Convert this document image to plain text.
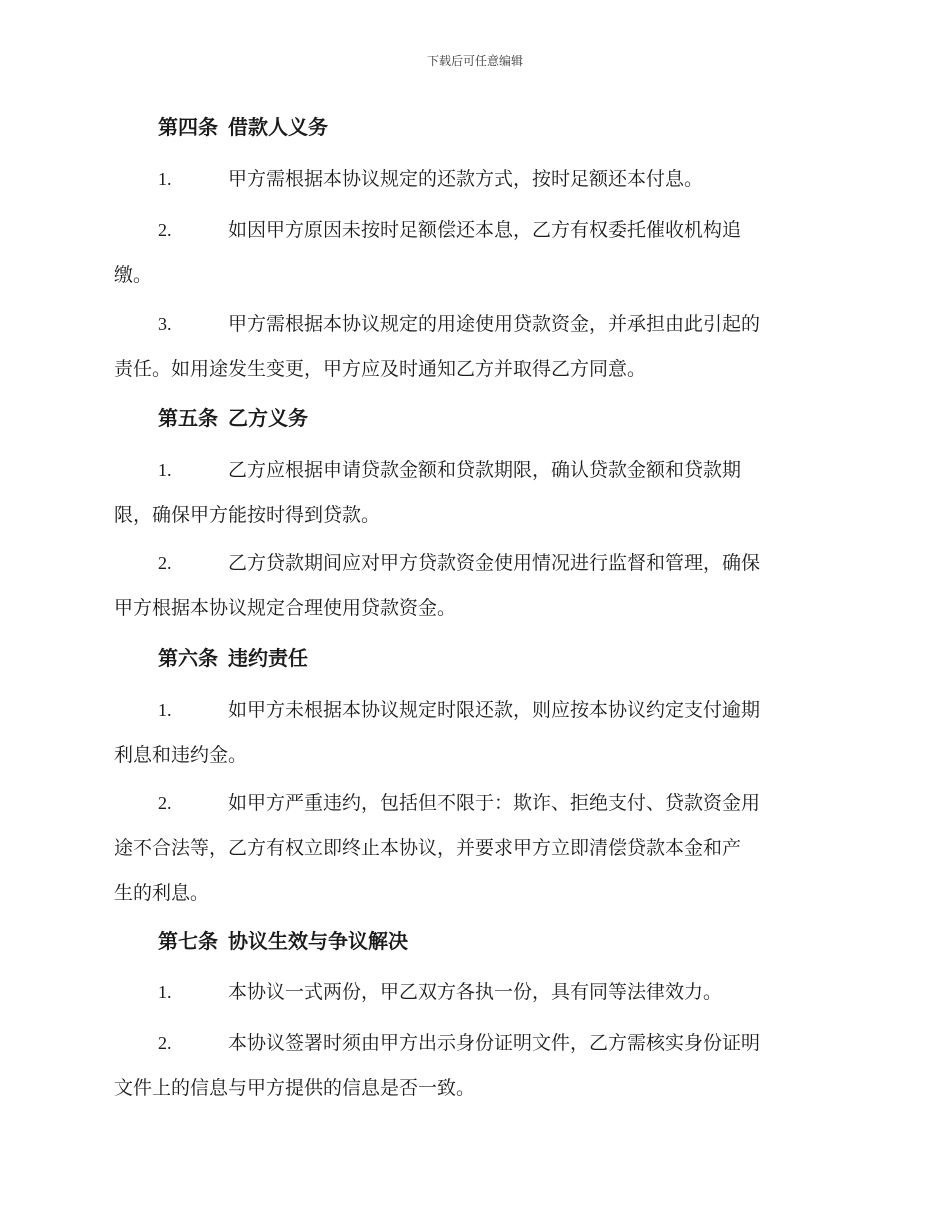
下载后可任意编辑
第四条 借款人义务
1.	甲方需根据本协议规定的还款方式，按时足额还本付息。
2.	如因甲方原因未按时足额偿还本息，乙方有权委托催收机构追
缴。
3.	甲方需根据本协议规定的用途使用贷款资金，并承担由此引起的
责任。如用途发生变更，甲方应及时通知乙方并取得乙方同意。
第五条 乙方义务
1.	乙方应根据申请贷款金额和贷款期限，确认贷款金额和贷款期
限，确保甲方能按时得到贷款。
2.	乙方贷款期间应对甲方贷款资金使用情况进行监督和管理，确保
甲方根据本协议规定合理使用贷款资金。
第六条 违约责任
1.	如甲方未根据本协议规定时限还款，则应按本协议约定支付逾期
利息和违约金。
2.	如甲方严重违约，包括但不限于：欺诈、拒绝支付、贷款资金用
途不合法等，乙方有权立即终止本协议，并要求甲方立即清偿贷款本金和产
生的利息。
第七条 协议生效与争议解决
1.	本协议一式两份，甲乙双方各执一份，具有同等法律效力。
2.	本协议签署时须由甲方出示身份证明文件，乙方需核实身份证明
文件上的信息与甲方提供的信息是否一致。
